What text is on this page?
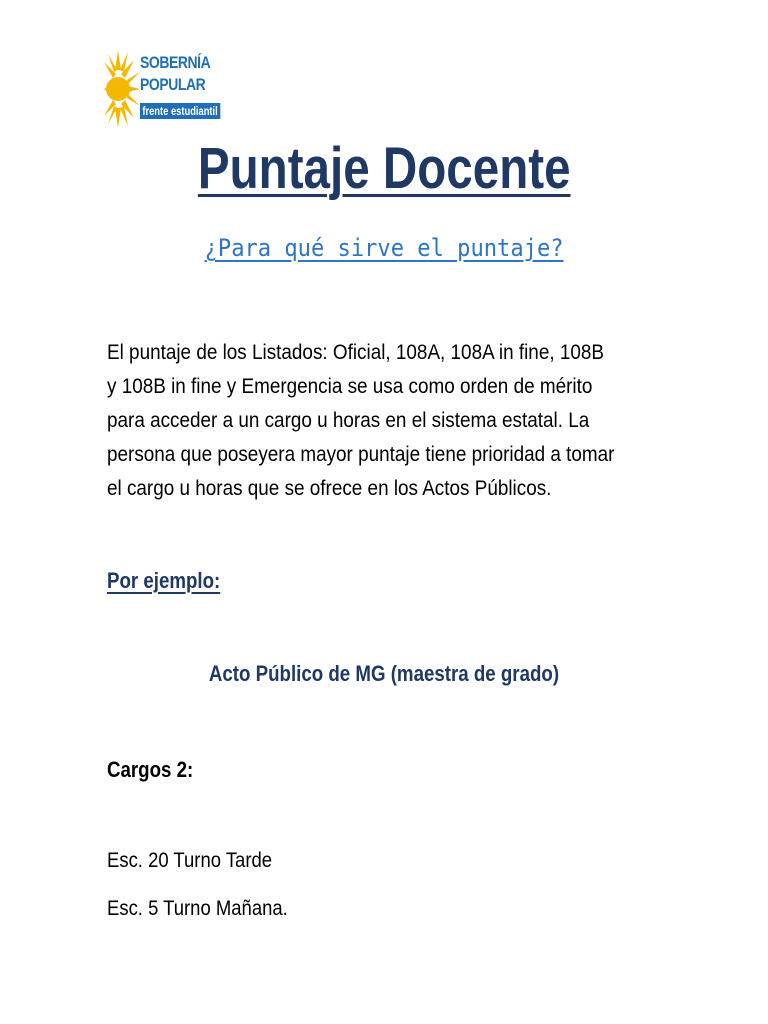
SOBERNÍA
POPULAR
frente estudiantil
Puntaje Docente
¿Para qué sirve el puntaje?

El puntaje de los Listados: Oficial, 108A, 108A in fine, 108B
y 108B in fine y Emergencia se usa como orden de mérito
para acceder a un cargo u horas en el sistema estatal. La
persona que poseyera mayor puntaje tiene prioridad a tomar
el cargo u horas que se ofrece en los Actos Públicos.

Por ejemplo:
Acto Público de MG (maestra de grado)
Cargos 2:
Esc. 20 Turno Tarde
Esc. 5 Turno Mañana.
